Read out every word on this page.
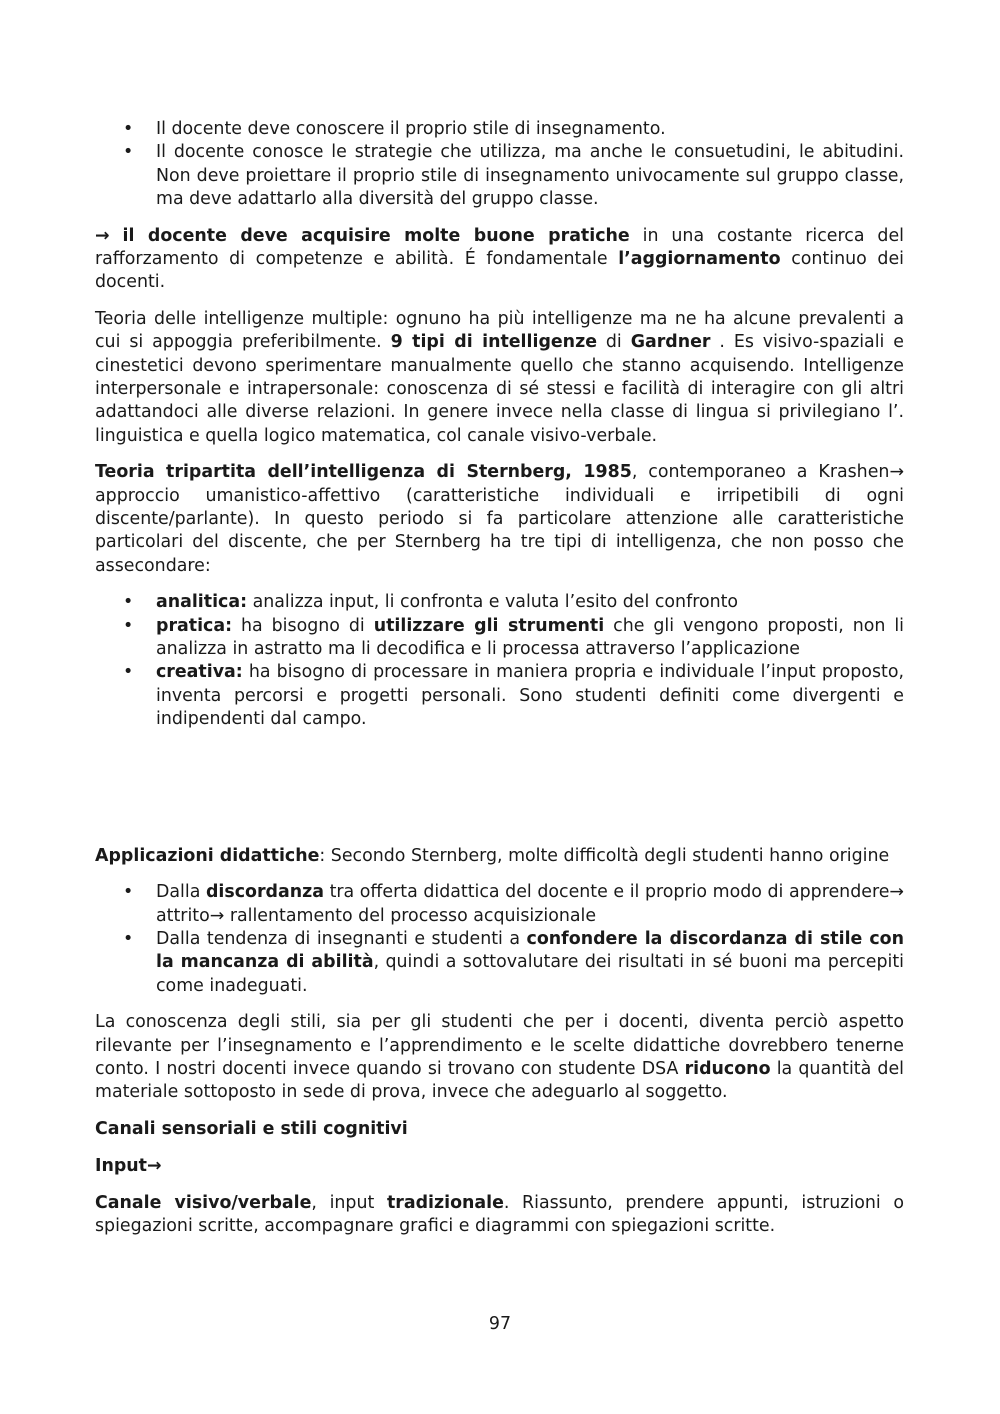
• Il docente deve conoscere il proprio stile di insegnamento.
• Il docente conosce le strategie che utilizza, ma anche le consuetudini, le abitudini. Non deve proiettare il proprio stile di insegnamento univocamente sul gruppo classe, ma deve adattarlo alla diversità del gruppo classe.

→ il docente deve acquisire molte buone pratiche in una costante ricerca del rafforzamento di competenze e abilità. É fondamentale l’aggiornamento continuo dei docenti.

Teoria delle intelligenze multiple: ognuno ha più intelligenze ma ne ha alcune prevalenti a cui si appoggia preferibilmente. 9 tipi di intelligenze di Gardner . Es visivo-spaziali e cinestetici devono sperimentare manualmente quello che stanno acquisendo. Intelligenze interpersonale e intrapersonale: conoscenza di sé stessi e facilità di interagire con gli altri adattandoci alle diverse relazioni. In genere invece nella classe di lingua si privilegiano l’. linguistica e quella logico matematica, col canale visivo-verbale.

Teoria tripartita dell’intelligenza di Sternberg, 1985, contemporaneo a Krashen→ approccio umanistico-affettivo (caratteristiche individuali e irripetibili di ogni discente/parlante). In questo periodo si fa particolare attenzione alle caratteristiche particolari del discente, che per Sternberg ha tre tipi di intelligenza, che non posso che assecondare:

• analitica: analizza input, li confronta e valuta l’esito del confronto
• pratica: ha bisogno di utilizzare gli strumenti che gli vengono proposti, non li analizza in astratto ma li decodifica e li processa attraverso l’applicazione
• creativa: ha bisogno di processare in maniera propria e individuale l’input proposto, inventa percorsi e progetti personali. Sono studenti definiti come divergenti e indipendenti dal campo.

Applicazioni didattiche: Secondo Sternberg, molte difficoltà degli studenti hanno origine

• Dalla discordanza tra offerta didattica del docente e il proprio modo di apprendere→ attrito→ rallentamento del processo acquisizionale
• Dalla tendenza di insegnanti e studenti a confondere la discordanza di stile con la mancanza di abilità, quindi a sottovalutare dei risultati in sé buoni ma percepiti come inadeguati.

La conoscenza degli stili, sia per gli studenti che per i docenti, diventa perciò aspetto rilevante per l’insegnamento e l’apprendimento e le scelte didattiche dovrebbero tenerne conto. I nostri docenti invece quando si trovano con studente DSA riducono la quantità del materiale sottoposto in sede di prova, invece che adeguarlo al soggetto.

Canali sensoriali e stili cognitivi

Input→

Canale visivo/verbale, input tradizionale. Riassunto, prendere appunti, istruzioni o spiegazioni scritte, accompagnare grafici e diagrammi con spiegazioni scritte.

97
